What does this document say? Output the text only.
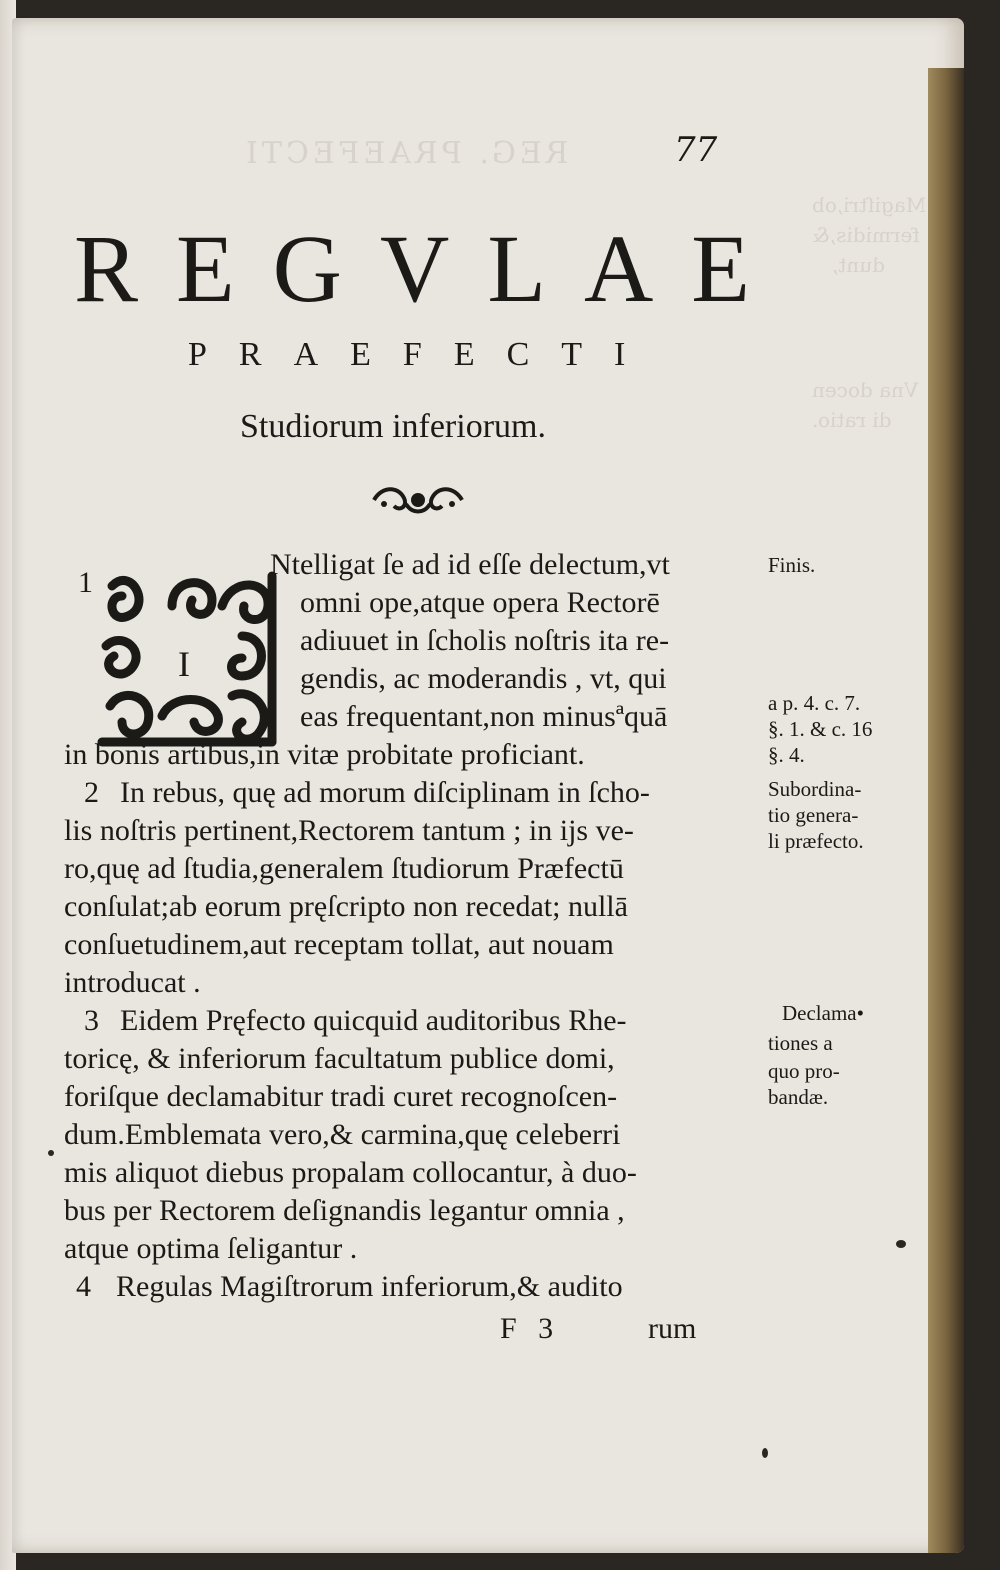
REG. PRAEFECTI
Magiſtri,ob
fermidis,&
dunt,
Vna docen
di ratio.
77
REGVLAE
PRAEFECTI
Studiorum inferiorum.
1
I
Ntelligat ſe ad id eſſe delectum,vt
omni ope,atque opera Rectorē
adiuuet in ſcholis noſtris ita re-
gendis, ac moderandis , vt, qui
eas frequentant,non minusªquā
in bonis artibus,in vitæ probitate proficiant.
2 In rebus, quę ad morum diſciplinam in ſcho-
lis noſtris pertinent,Rectorem tantum ; in ijs ve-
ro,quę ad ſtudia,generalem ſtudiorum Præfectū
conſulat;ab eorum pręſcripto non recedat; nullā
conſuetudinem,aut receptam tollat, aut nouam
introducat .
3 Eidem Pręfecto quicquid auditoribus Rhe-
toricę, & inferiorum facultatum publice domi,
foriſque declamabitur tradi curet recognoſcen-
dum.Emblemata vero,& carmina,quę celeberri
mis aliquot diebus propalam collocantur, à duo-
bus per Rectorem deſignandis legantur omnia ,
atque optima ſeligantur .
4 Regulas Magiſtrorum inferiorum,& audito
F 3	rum
Finis.
a p. 4. c. 7.
§. 1. & c. 16
§. 4.
Subordina-
tio genera-
li præfecto.
Declama•
tiones a
quo pro-
bandæ.
